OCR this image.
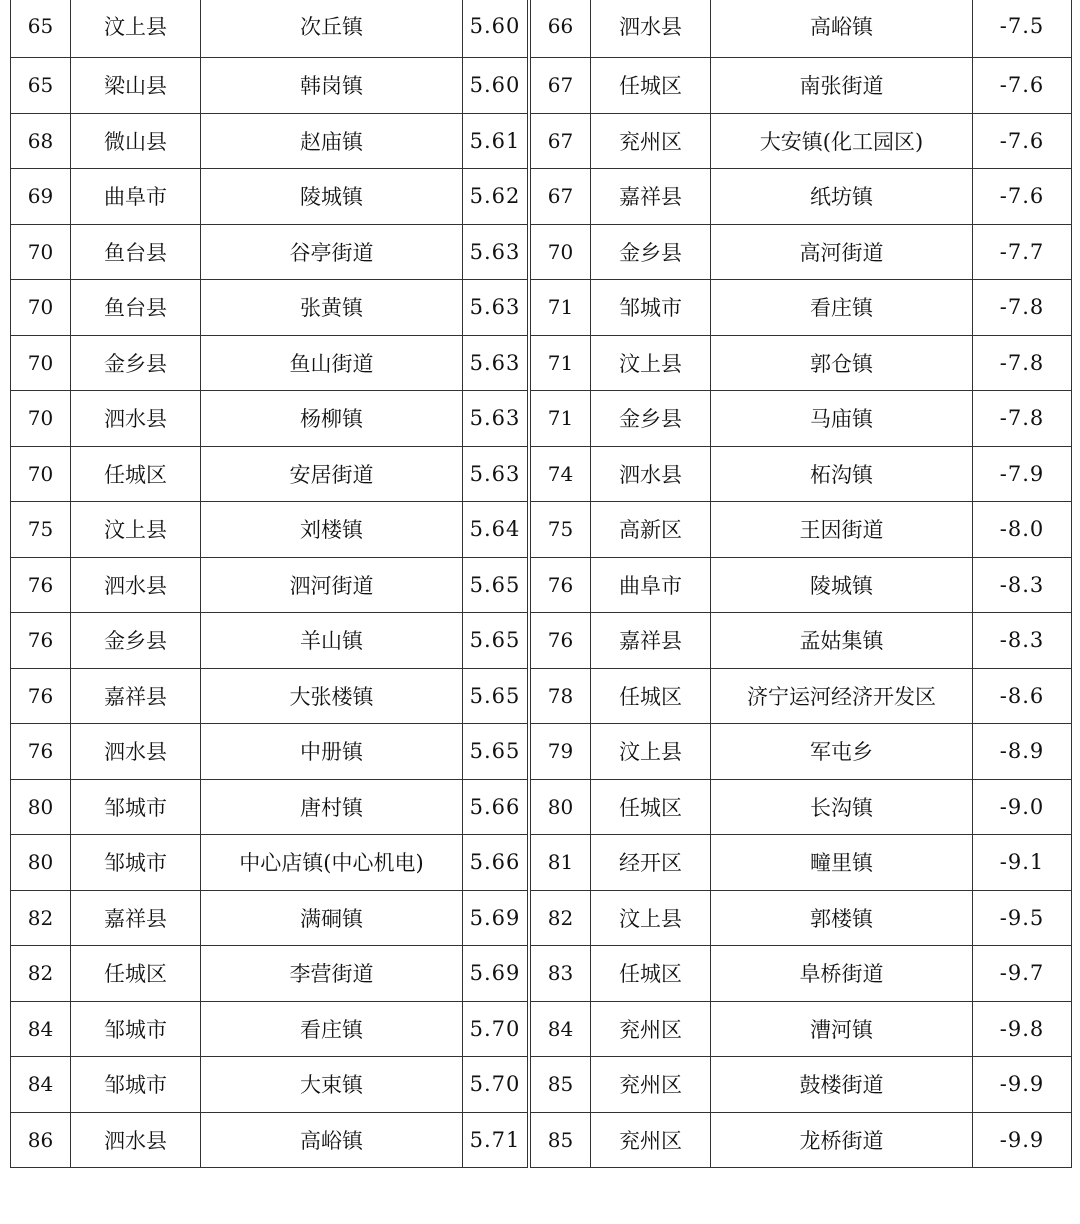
65	汶上县	次丘镇	5.60
65	梁山县	韩岗镇	5.60
68	微山县	赵庙镇	5.61
69	曲阜市	陵城镇	5.62
70	鱼台县	谷亭街道	5.63
70	鱼台县	张黄镇	5.63
70	金乡县	鱼山街道	5.63
70	泗水县	杨柳镇	5.63
70	任城区	安居街道	5.63
75	汶上县	刘楼镇	5.64
76	泗水县	泗河街道	5.65
76	金乡县	羊山镇	5.65
76	嘉祥县	大张楼镇	5.65
76	泗水县	中册镇	5.65
80	邹城市	唐村镇	5.66
80	邹城市	中心店镇(中心机电)	5.66
82	嘉祥县	满硐镇	5.69
82	任城区	李营街道	5.69
84	邹城市	看庄镇	5.70
84	邹城市	大束镇	5.70
86	泗水县	高峪镇	5.71
66	泗水县	高峪镇	-7.5
67	任城区	南张街道	-7.6
67	兖州区	大安镇(化工园区)	-7.6
67	嘉祥县	纸坊镇	-7.6
70	金乡县	高河街道	-7.7
71	邹城市	看庄镇	-7.8
71	汶上县	郭仓镇	-7.8
71	金乡县	马庙镇	-7.8
74	泗水县	柘沟镇	-7.9
75	高新区	王因街道	-8.0
76	曲阜市	陵城镇	-8.3
76	嘉祥县	孟姑集镇	-8.3
78	任城区	济宁运河经济开发区	-8.6
79	汶上县	军屯乡	-8.9
80	任城区	长沟镇	-9.0
81	经开区	疃里镇	-9.1
82	汶上县	郭楼镇	-9.5
83	任城区	阜桥街道	-9.7
84	兖州区	漕河镇	-9.8
85	兖州区	鼓楼街道	-9.9
85	兖州区	龙桥街道	-9.9
